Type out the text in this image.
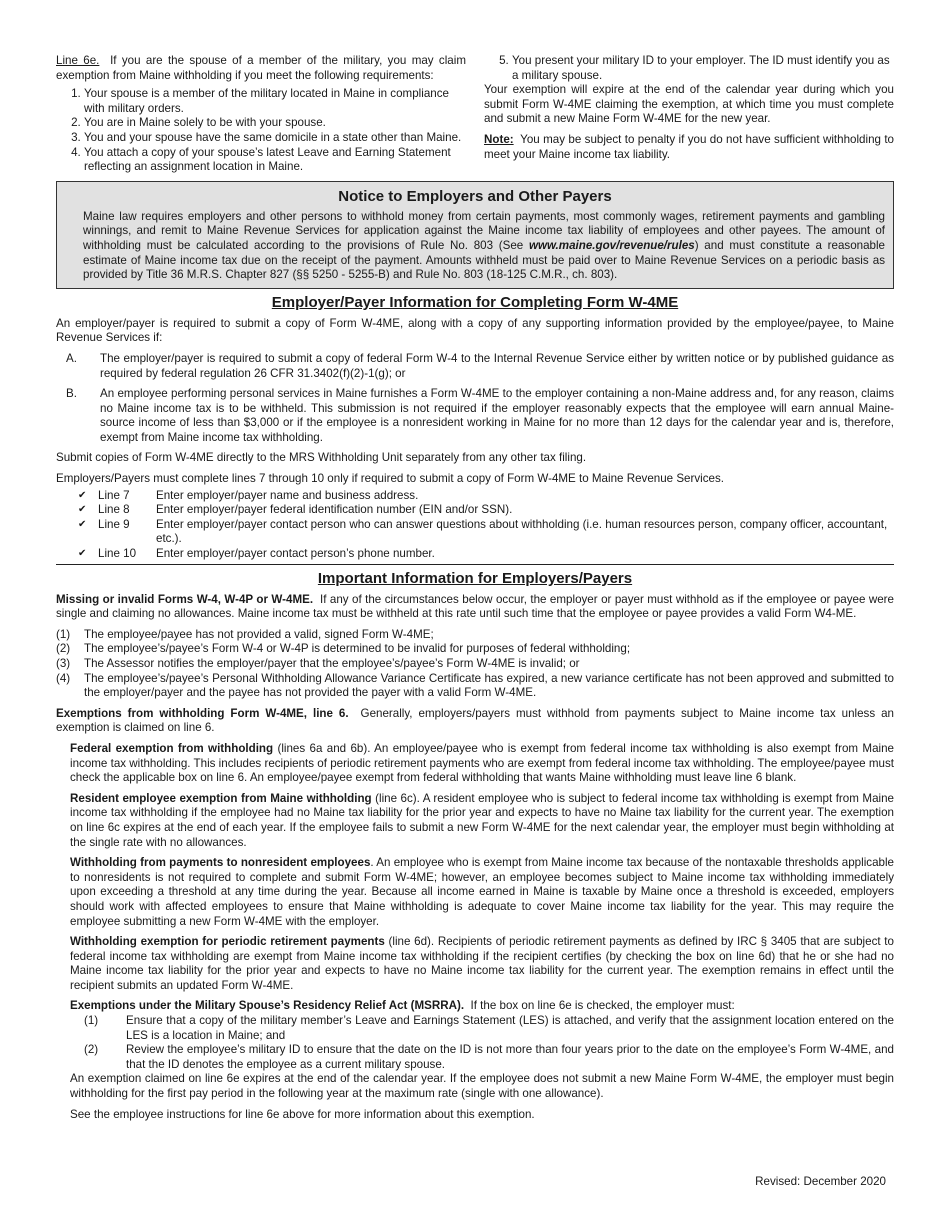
Line 6e. If you are the spouse of a member of the military, you may claim exemption from Maine withholding if you meet the following requirements:

1. Your spouse is a member of the military located in Maine in compliance with military orders.
2. You are in Maine solely to be with your spouse.
3. You and your spouse have the same domicile in a state other than Maine.
4. You attach a copy of your spouse’s latest Leave and Earning Statement reflecting an assignment location in Maine.
5. You present your military ID to your employer. The ID must identify you as a military spouse.

Your exemption will expire at the end of the calendar year during which you submit Form W-4ME claiming the exemption, at which time you must complete and submit a new Maine Form W-4ME for the new year.

Note: You may be subject to penalty if you do not have sufficient withholding to meet your Maine income tax liability.

Notice to Employers and Other Payers

Maine law requires employers and other persons to withhold money from certain payments, most commonly wages, retirement payments and gambling winnings, and remit to Maine Revenue Services for application against the Maine income tax liability of employees and other payees. The amount of withholding must be calculated according to the provisions of Rule No. 803 (See www.maine.gov/revenue/rules) and must constitute a reasonable estimate of Maine income tax due on the receipt of the payment. Amounts withheld must be paid over to Maine Revenue Services on a periodic basis as provided by Title 36 M.R.S. Chapter 827 (§§ 5250 - 5255-B) and Rule No. 803 (18-125 C.M.R., ch. 803).

Employer/Payer Information for Completing Form W-4ME

An employer/payer is required to submit a copy of Form W-4ME, along with a copy of any supporting information provided by the employee/payee, to Maine Revenue Services if:

A.	The employer/payer is required to submit a copy of federal Form W-4 to the Internal Revenue Service either by written notice or by published guidance as required by federal regulation 26 CFR 31.3402(f)(2)-1(g); or
B.	An employee performing personal services in Maine furnishes a Form W-4ME to the employer containing a non-Maine address and, for any reason, claims no Maine income tax is to be withheld. This submission is not required if the employer reasonably expects that the employee will earn annual Maine-source income of less than $3,000 or if the employee is a nonresident working in Maine for no more than 12 days for the calendar year and is, therefore, exempt from Maine income tax withholding.

Submit copies of Form W-4ME directly to the MRS Withholding Unit separately from any other tax filing.

Employers/Payers must complete lines 7 through 10 only if required to submit a copy of Form W-4ME to Maine Revenue Services.

✔	Line 7	Enter employer/payer name and business address.
✔	Line 8	Enter employer/payer federal identification number (EIN and/or SSN).
✔	Line 9	Enter employer/payer contact person who can answer questions about withholding (i.e. human resources person, company officer, accountant, etc.).
✔	Line 10	Enter employer/payer contact person’s phone number.
Important Information for Employers/Payers

Missing or invalid Forms W-4, W-4P or W-4ME. If any of the circumstances below occur, the employer or payer must withhold as if the employee or payee were single and claiming no allowances. Maine income tax must be withheld at this rate until such time that the employee or payee provides a valid Form W4-ME.

(1)	The employee/payee has not provided a valid, signed Form W-4ME;
(2)	The employee’s/payee’s Form W-4 or W-4P is determined to be invalid for purposes of federal withholding;
(3)	The Assessor notifies the employer/payer that the employee’s/payee’s Form W-4ME is invalid; or
(4)	The employee’s/payee’s Personal Withholding Allowance Variance Certificate has expired, a new variance certificate has not been approved and submitted to the employer/payer and the payee has not provided the payer with a valid Form W-4ME.

Exemptions from withholding Form W-4ME, line 6. Generally, employers/payers must withhold from payments subject to Maine income tax unless an exemption is claimed on line 6.

Federal exemption from withholding (lines 6a and 6b). An employee/payee who is exempt from federal income tax withholding is also exempt from Maine income tax withholding. This includes recipients of periodic retirement payments who are exempt from federal income tax withholding. The employee/payee must check the applicable box on line 6. An employee/payee exempt from federal withholding that wants Maine withholding must leave line 6 blank.

Resident employee exemption from Maine withholding (line 6c). A resident employee who is subject to federal income tax withholding is exempt from Maine income tax withholding if the employee had no Maine tax liability for the prior year and expects to have no Maine tax liability for the current year. The exemption on line 6c expires at the end of each year. If the employee fails to submit a new Form W-4ME for the next calendar year, the employer must begin withholding at the single rate with no allowances.

Withholding from payments to nonresident employees. An employee who is exempt from Maine income tax because of the nontaxable thresholds applicable to nonresidents is not required to complete and submit Form W-4ME; however, an employee becomes subject to Maine income tax withholding immediately upon exceeding a threshold at any time during the year. Because all income earned in Maine is taxable by Maine once a threshold is exceeded, employers should work with affected employees to ensure that Maine withholding is adequate to cover Maine income tax liability for the year. This may require the employee submitting a new Form W-4ME with the employer.

Withholding exemption for periodic retirement payments (line 6d). Recipients of periodic retirement payments as defined by IRC § 3405 that are subject to federal income tax withholding are exempt from Maine income tax withholding if the recipient certifies (by checking the box on line 6d) that he or she had no Maine income tax liability for the prior year and expects to have no Maine income tax liability for the current year. The exemption remains in effect until the recipient submits an updated Form W-4ME.

Exemptions under the Military Spouse’s Residency Relief Act (MSRRA). If the box on line 6e is checked, the employer must:

(1)	Ensure that a copy of the military member’s Leave and Earnings Statement (LES) is attached, and verify that the assignment location entered on the LES is a location in Maine; and
(2)	Review the employee’s military ID to ensure that the date on the ID is not more than four years prior to the date on the employee’s Form W-4ME, and that the ID denotes the employee as a current military spouse.

An exemption claimed on line 6e expires at the end of the calendar year. If the employee does not submit a new Maine Form W-4ME, the employer must begin withholding for the first pay period in the following year at the maximum rate (single with one allowance).

See the employee instructions for line 6e above for more information about this exemption.

Revised: December 2020
